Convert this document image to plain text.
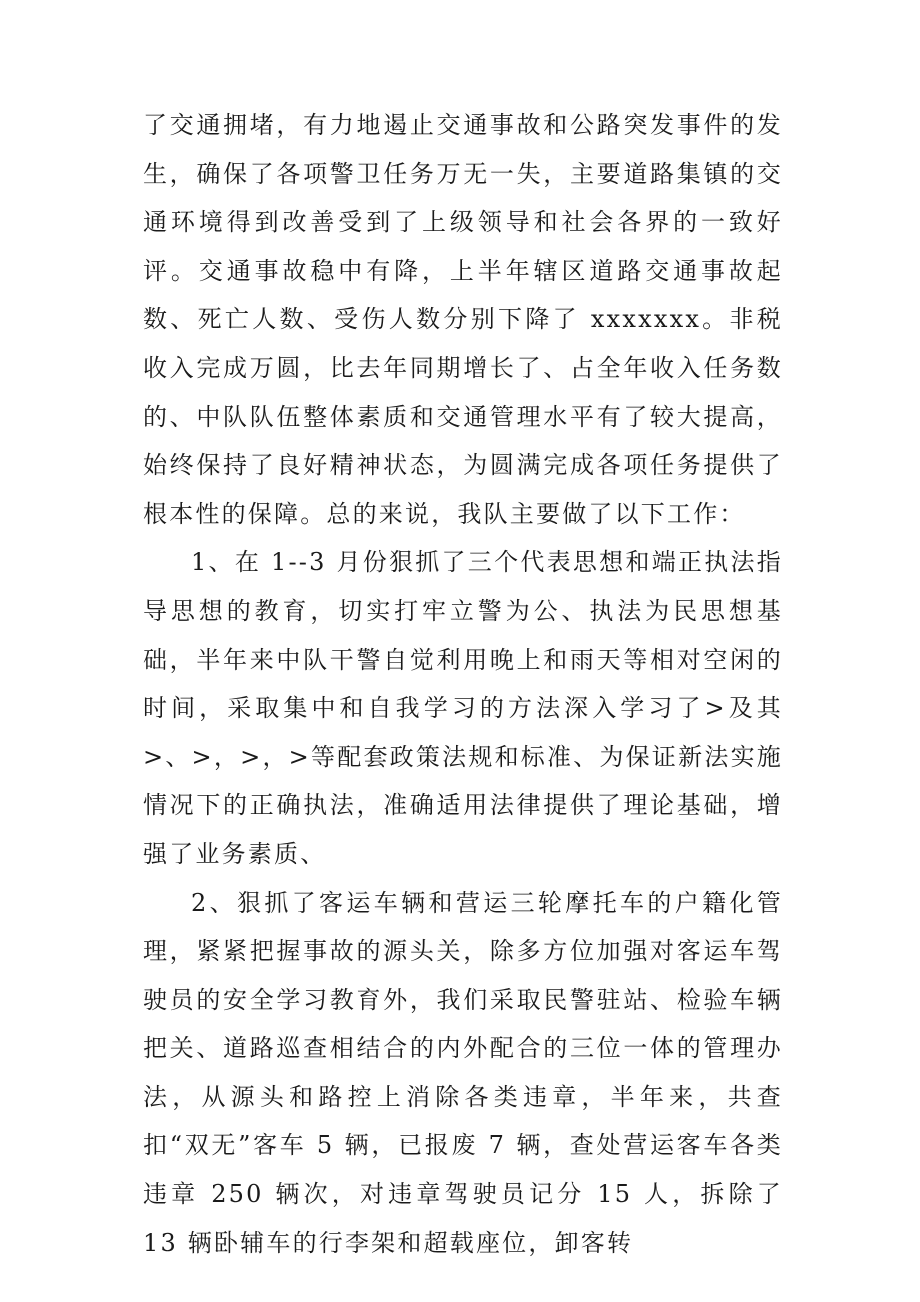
了交通拥堵，有力地遏止交通事故和公路突发事件的发生，确保了各项警卫任务万无一失，主要道路集镇的交通环境得到改善受到了上级领导和社会各界的一致好评。交通事故稳中有降，上半年辖区道路交通事故起数、死亡人数、受伤人数分别下降了 xxxxxxx。非税收入完成万圆，比去年同期增长了、占全年收入任务数的、中队队伍整体素质和交通管理水平有了较大提高，始终保持了良好精神状态，为圆满完成各项任务提供了根本性的保障。总的来说，我队主要做了以下工作：

1、在 1--3 月份狠抓了三个代表思想和端正执法指导思想的教育，切实打牢立警为公、执法为民思想基础，半年来中队干警自觉利用晚上和雨天等相对空闲的时间，采取集中和自我学习的方法深入学习了>及其>、>，>，>等配套政策法规和标准、为保证新法实施情况下的正确执法，准确适用法律提供了理论基础，增强了业务素质、

2、狠抓了客运车辆和营运三轮摩托车的户籍化管理，紧紧把握事故的源头关，除多方位加强对客运车驾驶员的安全学习教育外，我们采取民警驻站、检验车辆把关、道路巡查相结合的内外配合的三位一体的管理办法，从源头和路控上消除各类违章，半年来，共查扣“双无”客车 5 辆，已报废 7 辆，查处营运客车各类违章 250 辆次，对违章驾驶员记分 15 人，拆除了 13 辆卧辅车的行李架和超载座位，卸客转
